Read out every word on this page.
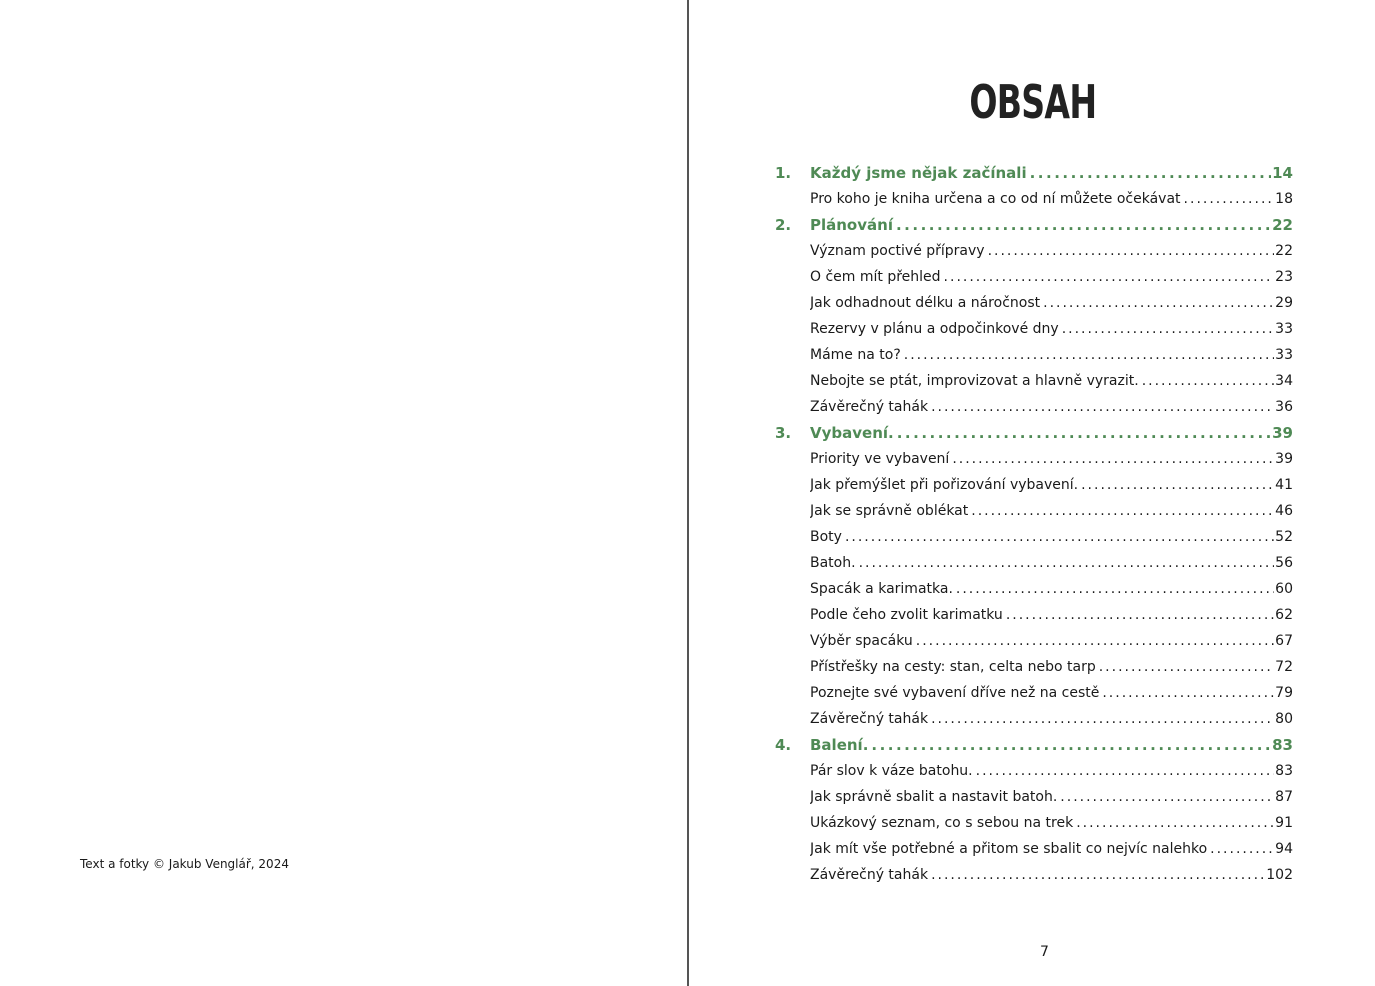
Text a fotky © Jakub Venglář, 2024
OBSAH
1.	Každý jsme nějak začínali .....	14
Pro koho je kniha určena a co od ní můžete očekávat .....	18
2.	Plánování .....	22
Význam poctivé přípravy .....	22
O čem mít přehled .....	23
Jak odhadnout délku a náročnost .....	29
Rezervy v plánu a odpočinkové dny .....	33
Máme na to? .....	33
Nebojte se ptát, improvizovat a hlavně vyrazit. .....	34
Závěrečný tahák .....	36
3.	Vybavení. .....	39
Priority ve vybavení .....	39
Jak přemýšlet při pořizování vybavení. .....	41
Jak se správně oblékat .....	46
Boty .....	52
Batoh. .....	56
Spacák a karimatka. .....	60
Podle čeho zvolit karimatku .....	62
Výběr spacáku .....	67
Přístřešky na cesty: stan, celta nebo tarp .....	72
Poznejte své vybavení dříve než na cestě .....	79
Závěrečný tahák .....	80
4.	Balení. .....	83
Pár slov k váze batohu. .....	83
Jak správně sbalit a nastavit batoh. .....	87
Ukázkový seznam, co s sebou na trek .....	91
Jak mít vše potřebné a přitom se sbalit co nejvíc nalehko .....	94
Závěrečný tahák .....	102
7
